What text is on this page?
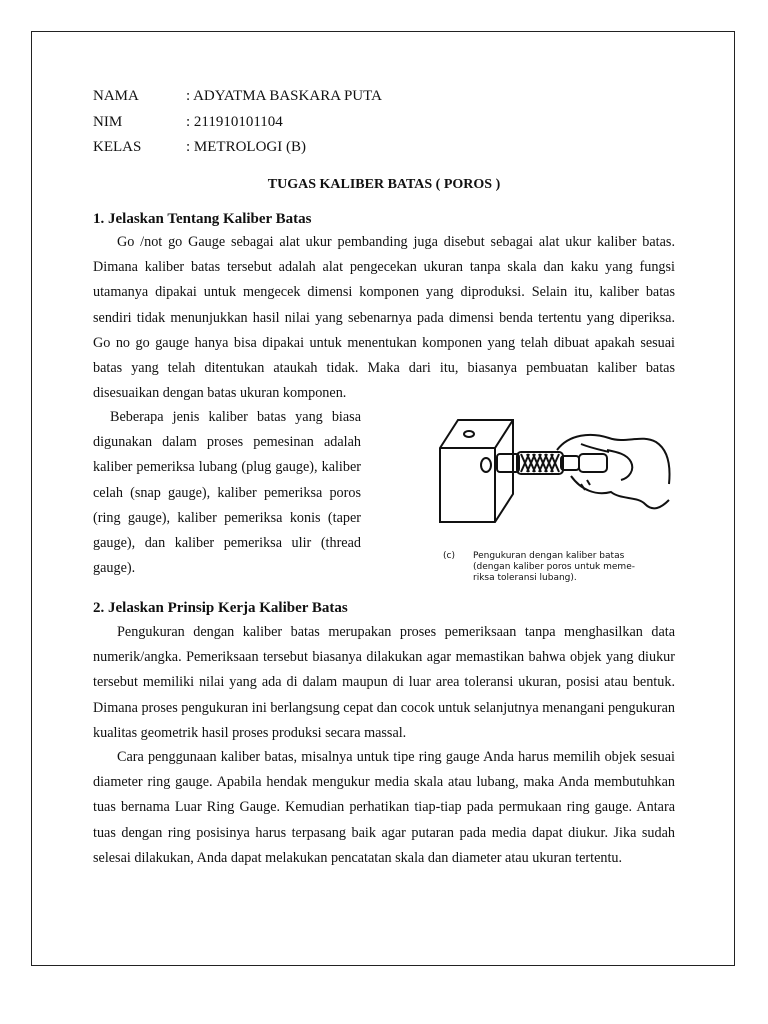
NAMA	: ADYATMA BASKARA PUTA
NIM	: 211910101104
KELAS	: METROLOGI (B)
TUGAS KALIBER BATAS ( POROS )
1. Jelaskan Tentang Kaliber Batas

Go /not go Gauge sebagai alat ukur pembanding juga disebut sebagai alat ukur kaliber batas. Dimana kaliber batas tersebut adalah alat pengecekan ukuran tanpa skala dan kaku yang fungsi utamanya dipakai untuk mengecek dimensi komponen yang diproduksi. Selain itu, kaliber batas sendiri tidak menunjukkan hasil nilai yang sebenarnya pada dimensi benda tertentu yang diperiksa. Go no go gauge hanya bisa dipakai untuk menentukan komponen yang telah dibuat apakah sesuai batas yang telah ditentukan ataukah tidak. Maka dari itu, biasanya pembuatan kaliber batas disesuaikan dengan batas ukuran komponen.

Beberapa jenis kaliber batas yang biasa digunakan dalam proses pemesinan adalah kaliber pemeriksa lubang (plug gauge), kaliber celah (snap gauge), kaliber pemeriksa poros (ring gauge), kaliber pemeriksa konis (taper gauge), dan kaliber pemeriksa ulir (thread gauge).

(c) Pengukuran dengan kaliber batas
(dengan kaliber poros untuk meme-
riksa toleransi lubang).
2. Jelaskan Prinsip Kerja Kaliber Batas

Pengukuran dengan kaliber batas merupakan proses pemeriksaan tanpa menghasilkan data numerik/angka. Pemeriksaan tersebut biasanya dilakukan agar memastikan bahwa objek yang diukur tersebut memiliki nilai yang ada di dalam maupun di luar area toleransi ukuran, posisi atau bentuk. Dimana proses pengukuran ini berlangsung cepat dan cocok untuk selanjutnya menangani pengukuran kualitas geometrik hasil proses produksi secara massal.

Cara penggunaan kaliber batas, misalnya untuk tipe ring gauge Anda harus memilih objek sesuai diameter ring gauge. Apabila hendak mengukur media skala atau lubang, maka Anda membutuhkan tuas bernama Luar Ring Gauge. Kemudian perhatikan tiap-tiap pada permukaan ring gauge. Antara tuas dengan ring posisinya harus terpasang baik agar putaran pada media dapat diukur. Jika sudah selesai dilakukan, Anda dapat melakukan pencatatan skala dan diameter atau ukuran tertentu.
